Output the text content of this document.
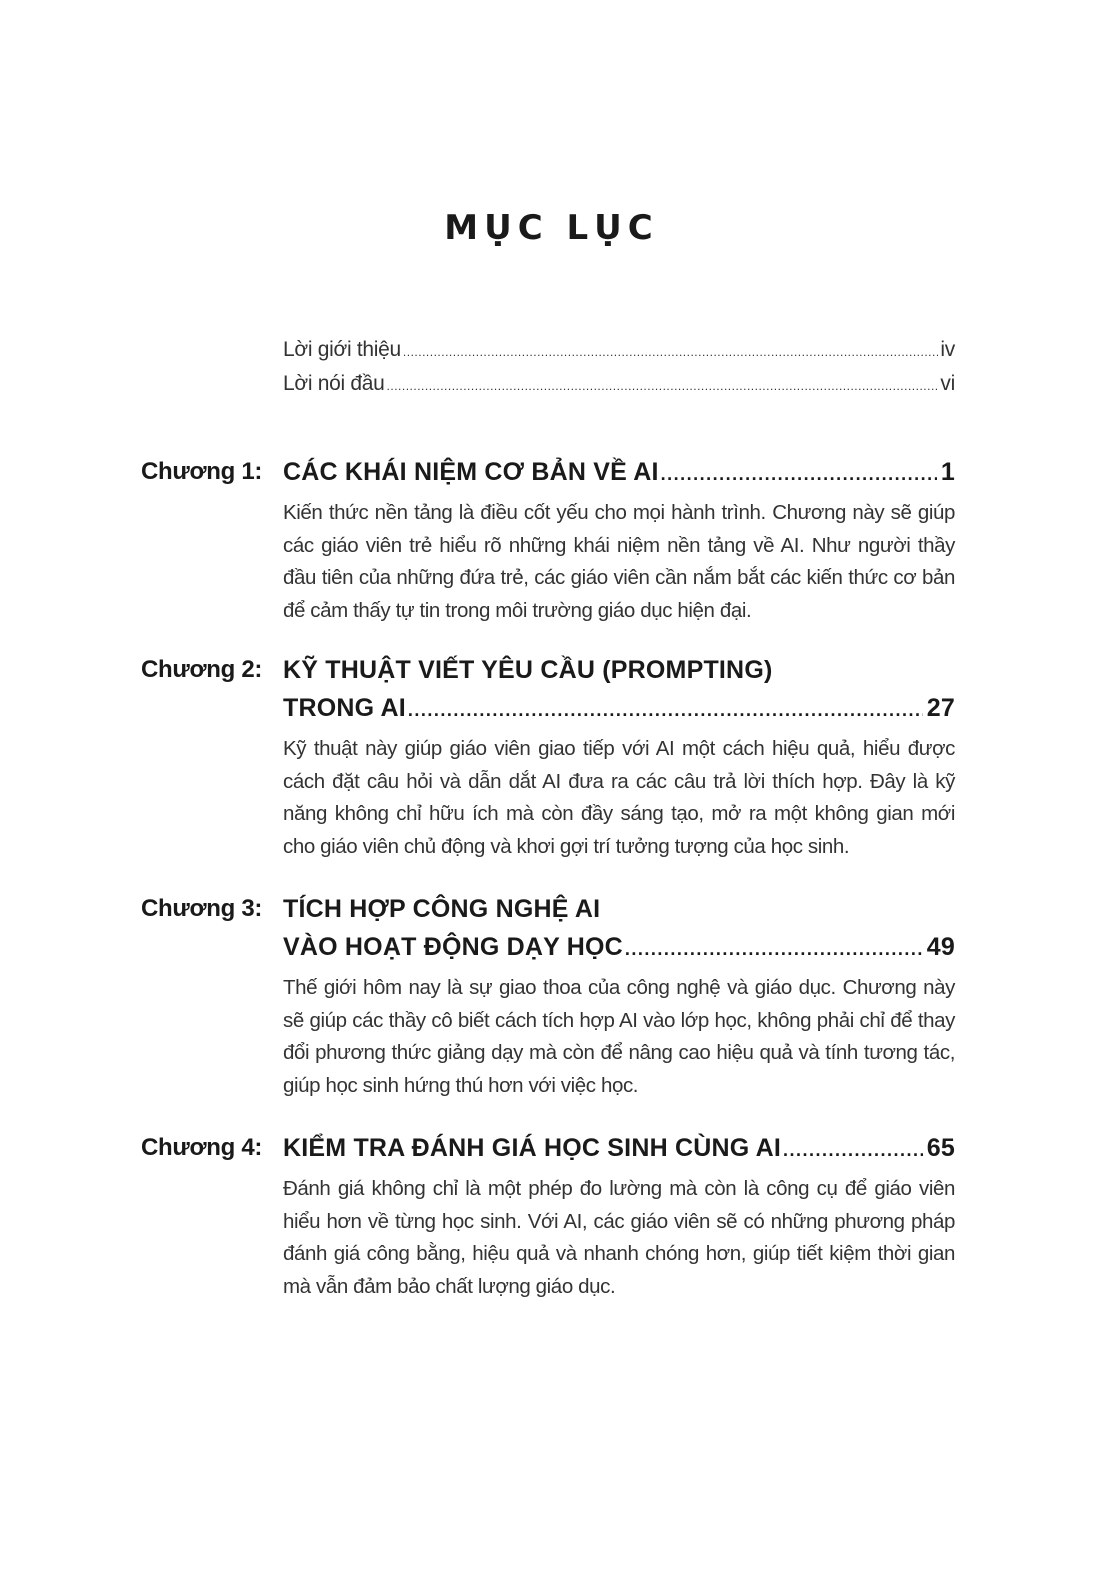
MỤC LỤC
Lời giới thiệu .....	iv
Lời nói đầu .....	vi
Chương 1: CÁC KHÁI NIỆM CƠ BẢN VỀ AI .....	1
Kiến thức nền tảng là điều cốt yếu cho mọi hành trình. Chương này sẽ giúp các giáo viên trẻ hiểu rõ những khái niệm nền tảng về AI. Như người thầy đầu tiên của những đứa trẻ, các giáo viên cần nắm bắt các kiến thức cơ bản để cảm thấy tự tin trong môi trường giáo dục hiện đại.
Chương 2: KỸ THUẬT VIẾT YÊU CẦU (PROMPTING)
TRONG AI .....	27
Kỹ thuật này giúp giáo viên giao tiếp với AI một cách hiệu quả, hiểu được cách đặt câu hỏi và dẫn dắt AI đưa ra các câu trả lời thích hợp. Đây là kỹ năng không chỉ hữu ích mà còn đầy sáng tạo, mở ra một không gian mới cho giáo viên chủ động và khơi gợi trí tưởng tượng của học sinh.
Chương 3: TÍCH HỢP CÔNG NGHỆ AI
VÀO HOẠT ĐỘNG DẠY HỌC .....	49
Thế giới hôm nay là sự giao thoa của công nghệ và giáo dục. Chương này sẽ giúp các thầy cô biết cách tích hợp AI vào lớp học, không phải chỉ để thay đổi phương thức giảng dạy mà còn để nâng cao hiệu quả và tính tương tác, giúp học sinh hứng thú hơn với việc học.
Chương 4: KIỂM TRA ĐÁNH GIÁ HỌC SINH CÙNG AI .....	65
Đánh giá không chỉ là một phép đo lường mà còn là công cụ để giáo viên hiểu hơn về từng học sinh. Với AI, các giáo viên sẽ có những phương pháp đánh giá công bằng, hiệu quả và nhanh chóng hơn, giúp tiết kiệm thời gian mà vẫn đảm bảo chất lượng giáo dục.
